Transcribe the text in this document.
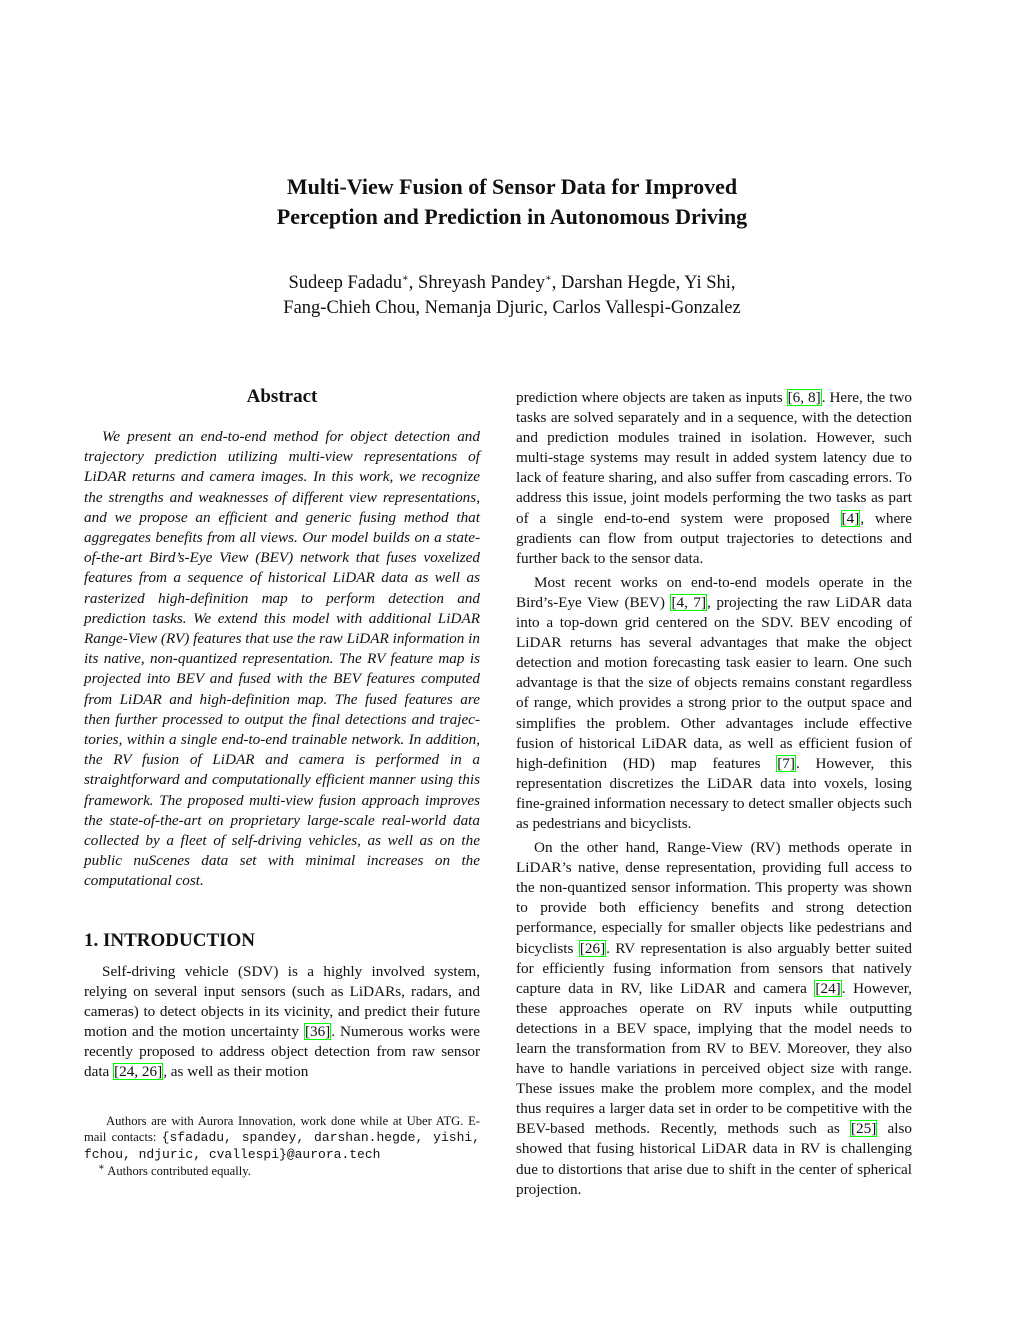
Multi-View Fusion of Sensor Data for Improved
Perception and Prediction in Autonomous Driving
Sudeep Fadadu∗, Shreyash Pandey∗, Darshan Hegde, Yi Shi,
Fang-Chieh Chou, Nemanja Djuric, Carlos Vallespi-Gonzalez
Abstract

We present an end-to-end method for object detection and trajectory prediction utilizing multi-view representations of LiDAR returns and camera images. In this work, we recognize the strengths and weaknesses of different view representations, and we propose an efficient and generic fusing method that aggregates benefits from all views. Our model builds on a state-of-the-art Bird’s-Eye View (BEV) network that fuses voxelized features from a sequence of historical LiDAR data as well as rasterized high-definition map to perform detection and prediction tasks. We extend this model with additional LiDAR Range-View (RV) features that use the raw LiDAR information in its native, non-quantized representation. The RV feature map is projected into BEV and fused with the BEV features computed from LiDAR and high-definition map. The fused features are then further processed to output the final detections and trajectories, within a single end-to-end trainable network. In addition, the RV fusion of LiDAR and camera is performed in a straightforward and computationally efficient manner using this framework. The proposed multi-view fusion approach improves the state-of-the-art on proprietary large-scale real-world data collected by a fleet of self-driving vehicles, as well as on the public nuScenes data set with minimal increases on the computational cost.

1. INTRODUCTION

Self-driving vehicle (SDV) is a highly involved system, relying on several input sensors (such as LiDARs, radars, and cameras) to detect objects in its vicinity, and predict their future motion and the motion uncertainty [36]. Numerous works were recently proposed to address object detection from raw sensor data [24, 26], as well as their motion

Authors are with Aurora Innovation, work done while at Uber ATG. E-mail contacts: {sfadadu, spandey, darshan.hegde, yishi, fchou, ndjuric, cvallespi}@aurora.tech

∗ Authors contributed equally.

prediction where objects are taken as inputs [6, 8]. Here, the two tasks are solved separately and in a sequence, with the detection and prediction modules trained in isolation. However, such multi-stage systems may result in added system latency due to lack of feature sharing, and also suffer from cascading errors. To address this issue, joint models performing the two tasks as part of a single end-to-end system were proposed [4], where gradients can flow from output trajectories to detections and further back to the sensor data.

Most recent works on end-to-end models operate in the Bird’s-Eye View (BEV) [4, 7], projecting the raw LiDAR data into a top-down grid centered on the SDV. BEV encoding of LiDAR returns has several advantages that make the object detection and motion forecasting task easier to learn. One such advantage is that the size of objects remains constant regardless of range, which provides a strong prior to the output space and simplifies the problem. Other advantages include effective fusion of historical LiDAR data, as well as efficient fusion of high-definition (HD) map features [7]. However, this representation discretizes the LiDAR data into voxels, losing fine-grained information necessary to detect smaller objects such as pedestrians and bicyclists.

On the other hand, Range-View (RV) methods operate in LiDAR’s native, dense representation, providing full access to the non-quantized sensor information. This property was shown to provide both efficiency benefits and strong detection performance, especially for smaller objects like pedestrians and bicyclists [26]. RV representation is also arguably better suited for efficiently fusing information from sensors that natively capture data in RV, like LiDAR and camera [24]. However, these approaches operate on RV inputs while outputting detections in a BEV space, implying that the model needs to learn the transformation from RV to BEV. Moreover, they also have to handle variations in perceived object size with range. These issues make the problem more complex, and the model thus requires a larger data set in order to be competitive with the BEV-based methods. Recently, methods such as [25] also showed that fusing historical LiDAR data in RV is challenging due to distortions that arise due to shift in the center of spherical projection.
